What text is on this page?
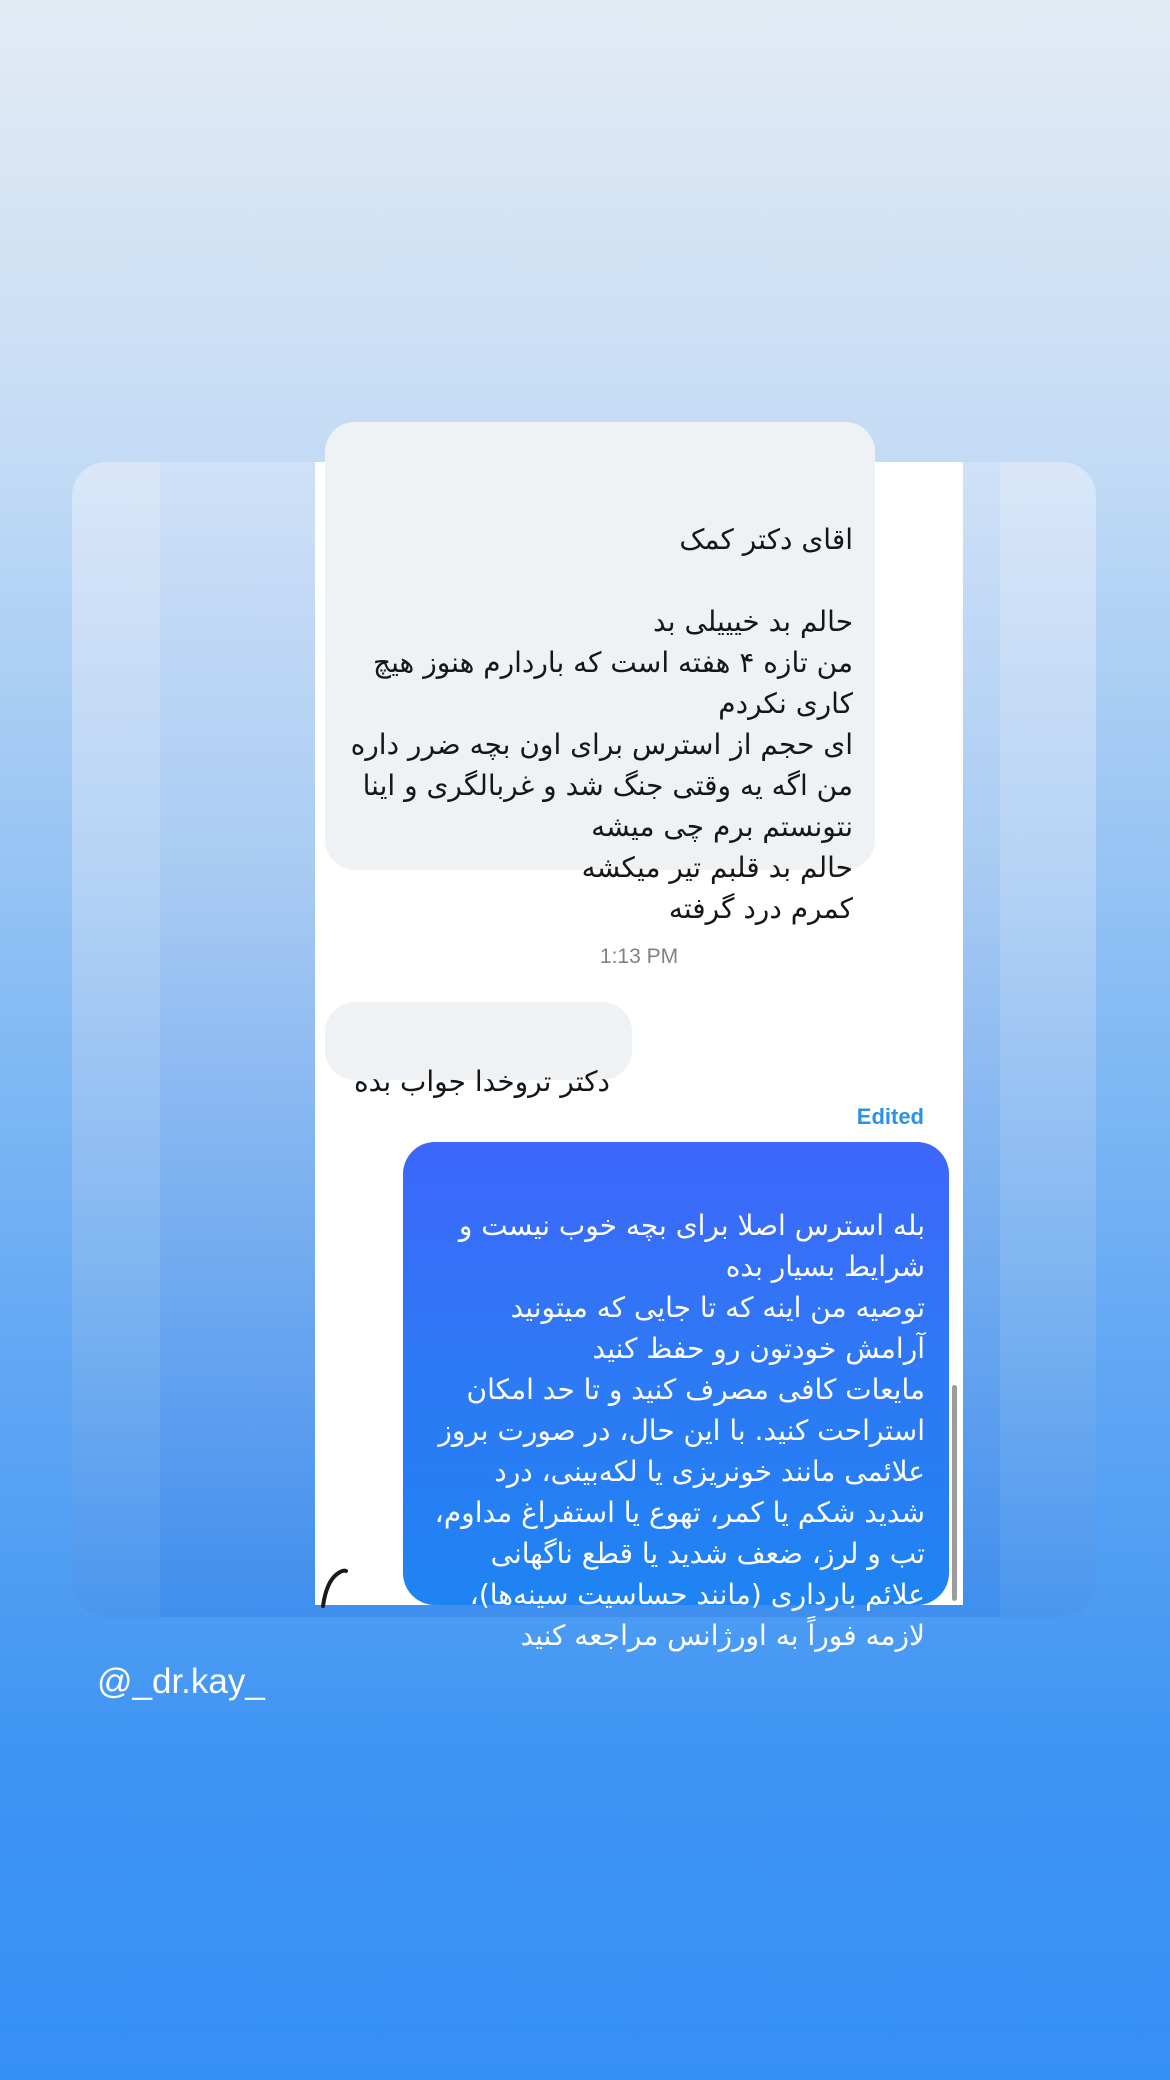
اقای دکتر کمک

حالم بد خیییلی بد
من تازه ۴ هفته است که باردارم هنوز هیچ کاری نکردم
ای حجم از استرس برای اون بچه ضرر داره
من اگه یه وقتی جنگ شد و غربالگری و اینا نتونستم برم چی میشه
حالم بد قلبم تیر میکشه
کمرم درد گرفته

1:13 PM

دکتر تروخدا جواب بده

Edited

بله استرس اصلا برای بچه خوب نیست و شرایط بسیار بده
توصیه من اینه که تا جایی که میتونید آرامش خودتون رو حفظ کنید
مایعات کافی مصرف کنید و تا حد امکان استراحت کنید. با این حال، در صورت بروز علائمی مانند خونریزی یا لکه‌بینی، درد شدید شکم یا کمر، تهوع یا استفراغ مداوم، تب و لرز، ضعف شدید یا قطع ناگهانی علائم بارداری (مانند حساسیت سینه‌ها)، لازمه فوراً به اورژانس مراجعه کنید

@_dr.kay_
